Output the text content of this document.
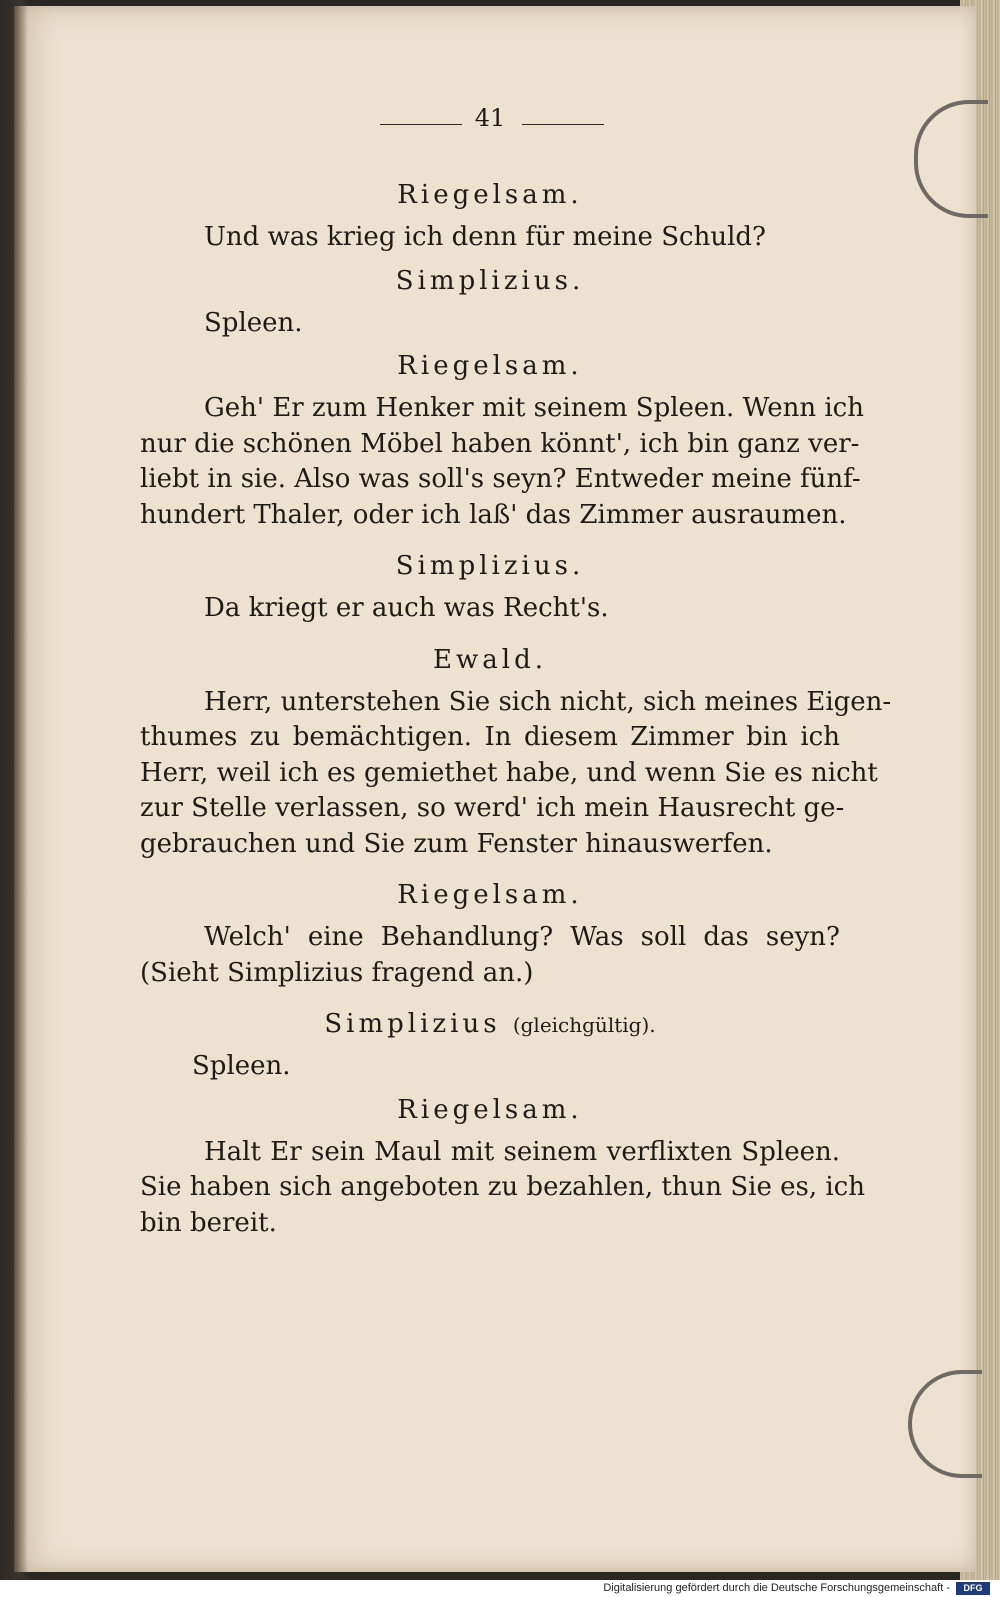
41
Riegelsam.
Und was krieg ich denn für meine Schuld?
Simplizius.
Spleen.
Riegelsam.
Geh' Er zum Henker mit seinem Spleen. Wenn ich
nur die schönen Möbel haben könnt', ich bin ganz ver-
liebt in sie. Also was soll's seyn? Entweder meine fünf-
hundert Thaler, oder ich laß' das Zimmer ausraumen.
Simplizius.
Da kriegt er auch was Recht's.
Ewald.
Herr, unterstehen Sie sich nicht, sich meines Eigen-
thumes zu bemächtigen. In diesem Zimmer bin ich
Herr, weil ich es gemiethet habe, und wenn Sie es nicht
zur Stelle verlassen, so werd' ich mein Hausrecht ge-
gebrauchen und Sie zum Fenster hinauswerfen.
Riegelsam.
Welch' eine Behandlung? Was soll das seyn?
(Sieht Simplizius fragend an.)
Simplizius (gleichgültig).
Spleen.
Riegelsam.
Halt Er sein Maul mit seinem verflixten Spleen.
Sie haben sich angeboten zu bezahlen, thun Sie es, ich
bin bereit.
Digitalisierung gefördert durch die Deutsche Forschungsgemeinschaft -	DFG
